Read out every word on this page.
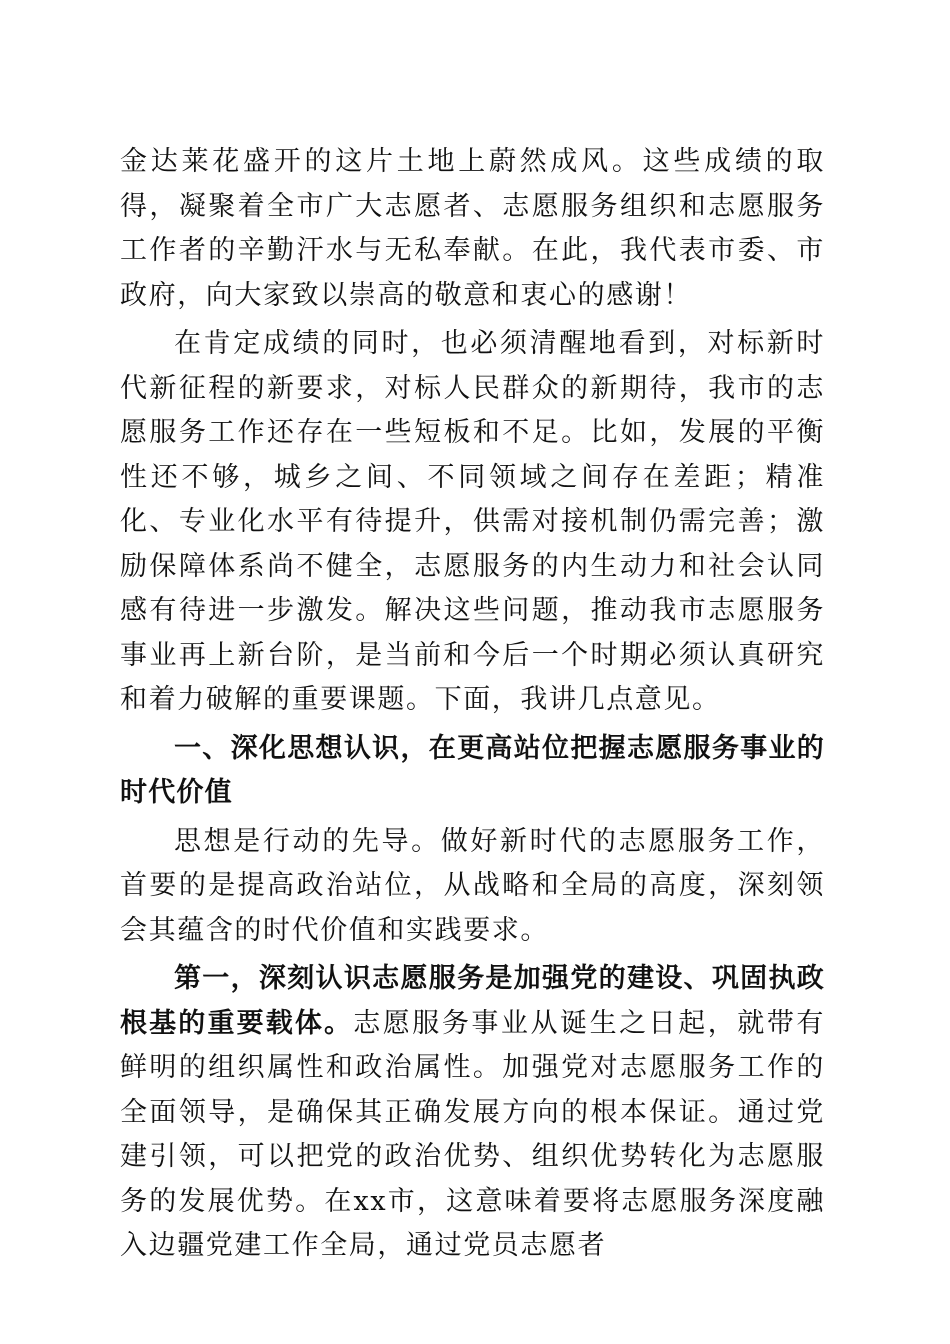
金达莱花盛开的这片土地上蔚然成风。这些成绩的取得，凝聚着全市广大志愿者、志愿服务组织和志愿服务工作者的辛勤汗水与无私奉献。在此，我代表市委、市政府，向大家致以崇高的敬意和衷心的感谢！

在肯定成绩的同时，也必须清醒地看到，对标新时代新征程的新要求，对标人民群众的新期待，我市的志愿服务工作还存在一些短板和不足。比如，发展的平衡性还不够，城乡之间、不同领域之间存在差距；精准化、专业化水平有待提升，供需对接机制仍需完善；激励保障体系尚不健全，志愿服务的内生动力和社会认同感有待进一步激发。解决这些问题，推动我市志愿服务事业再上新台阶，是当前和今后一个时期必须认真研究和着力破解的重要课题。下面，我讲几点意见。

一、深化思想认识，在更高站位把握志愿服务事业的时代价值

思想是行动的先导。做好新时代的志愿服务工作，首要的是提高政治站位，从战略和全局的高度，深刻领会其蕴含的时代价值和实践要求。

第一，深刻认识志愿服务是加强党的建设、巩固执政根基的重要载体。志愿服务事业从诞生之日起，就带有鲜明的组织属性和政治属性。加强党对志愿服务工作的全面领导，是确保其正确发展方向的根本保证。通过党建引领，可以把党的政治优势、组织优势转化为志愿服务的发展优势。在xx市，这意味着要将志愿服务深度融入边疆党建工作全局，通过党员志愿者
